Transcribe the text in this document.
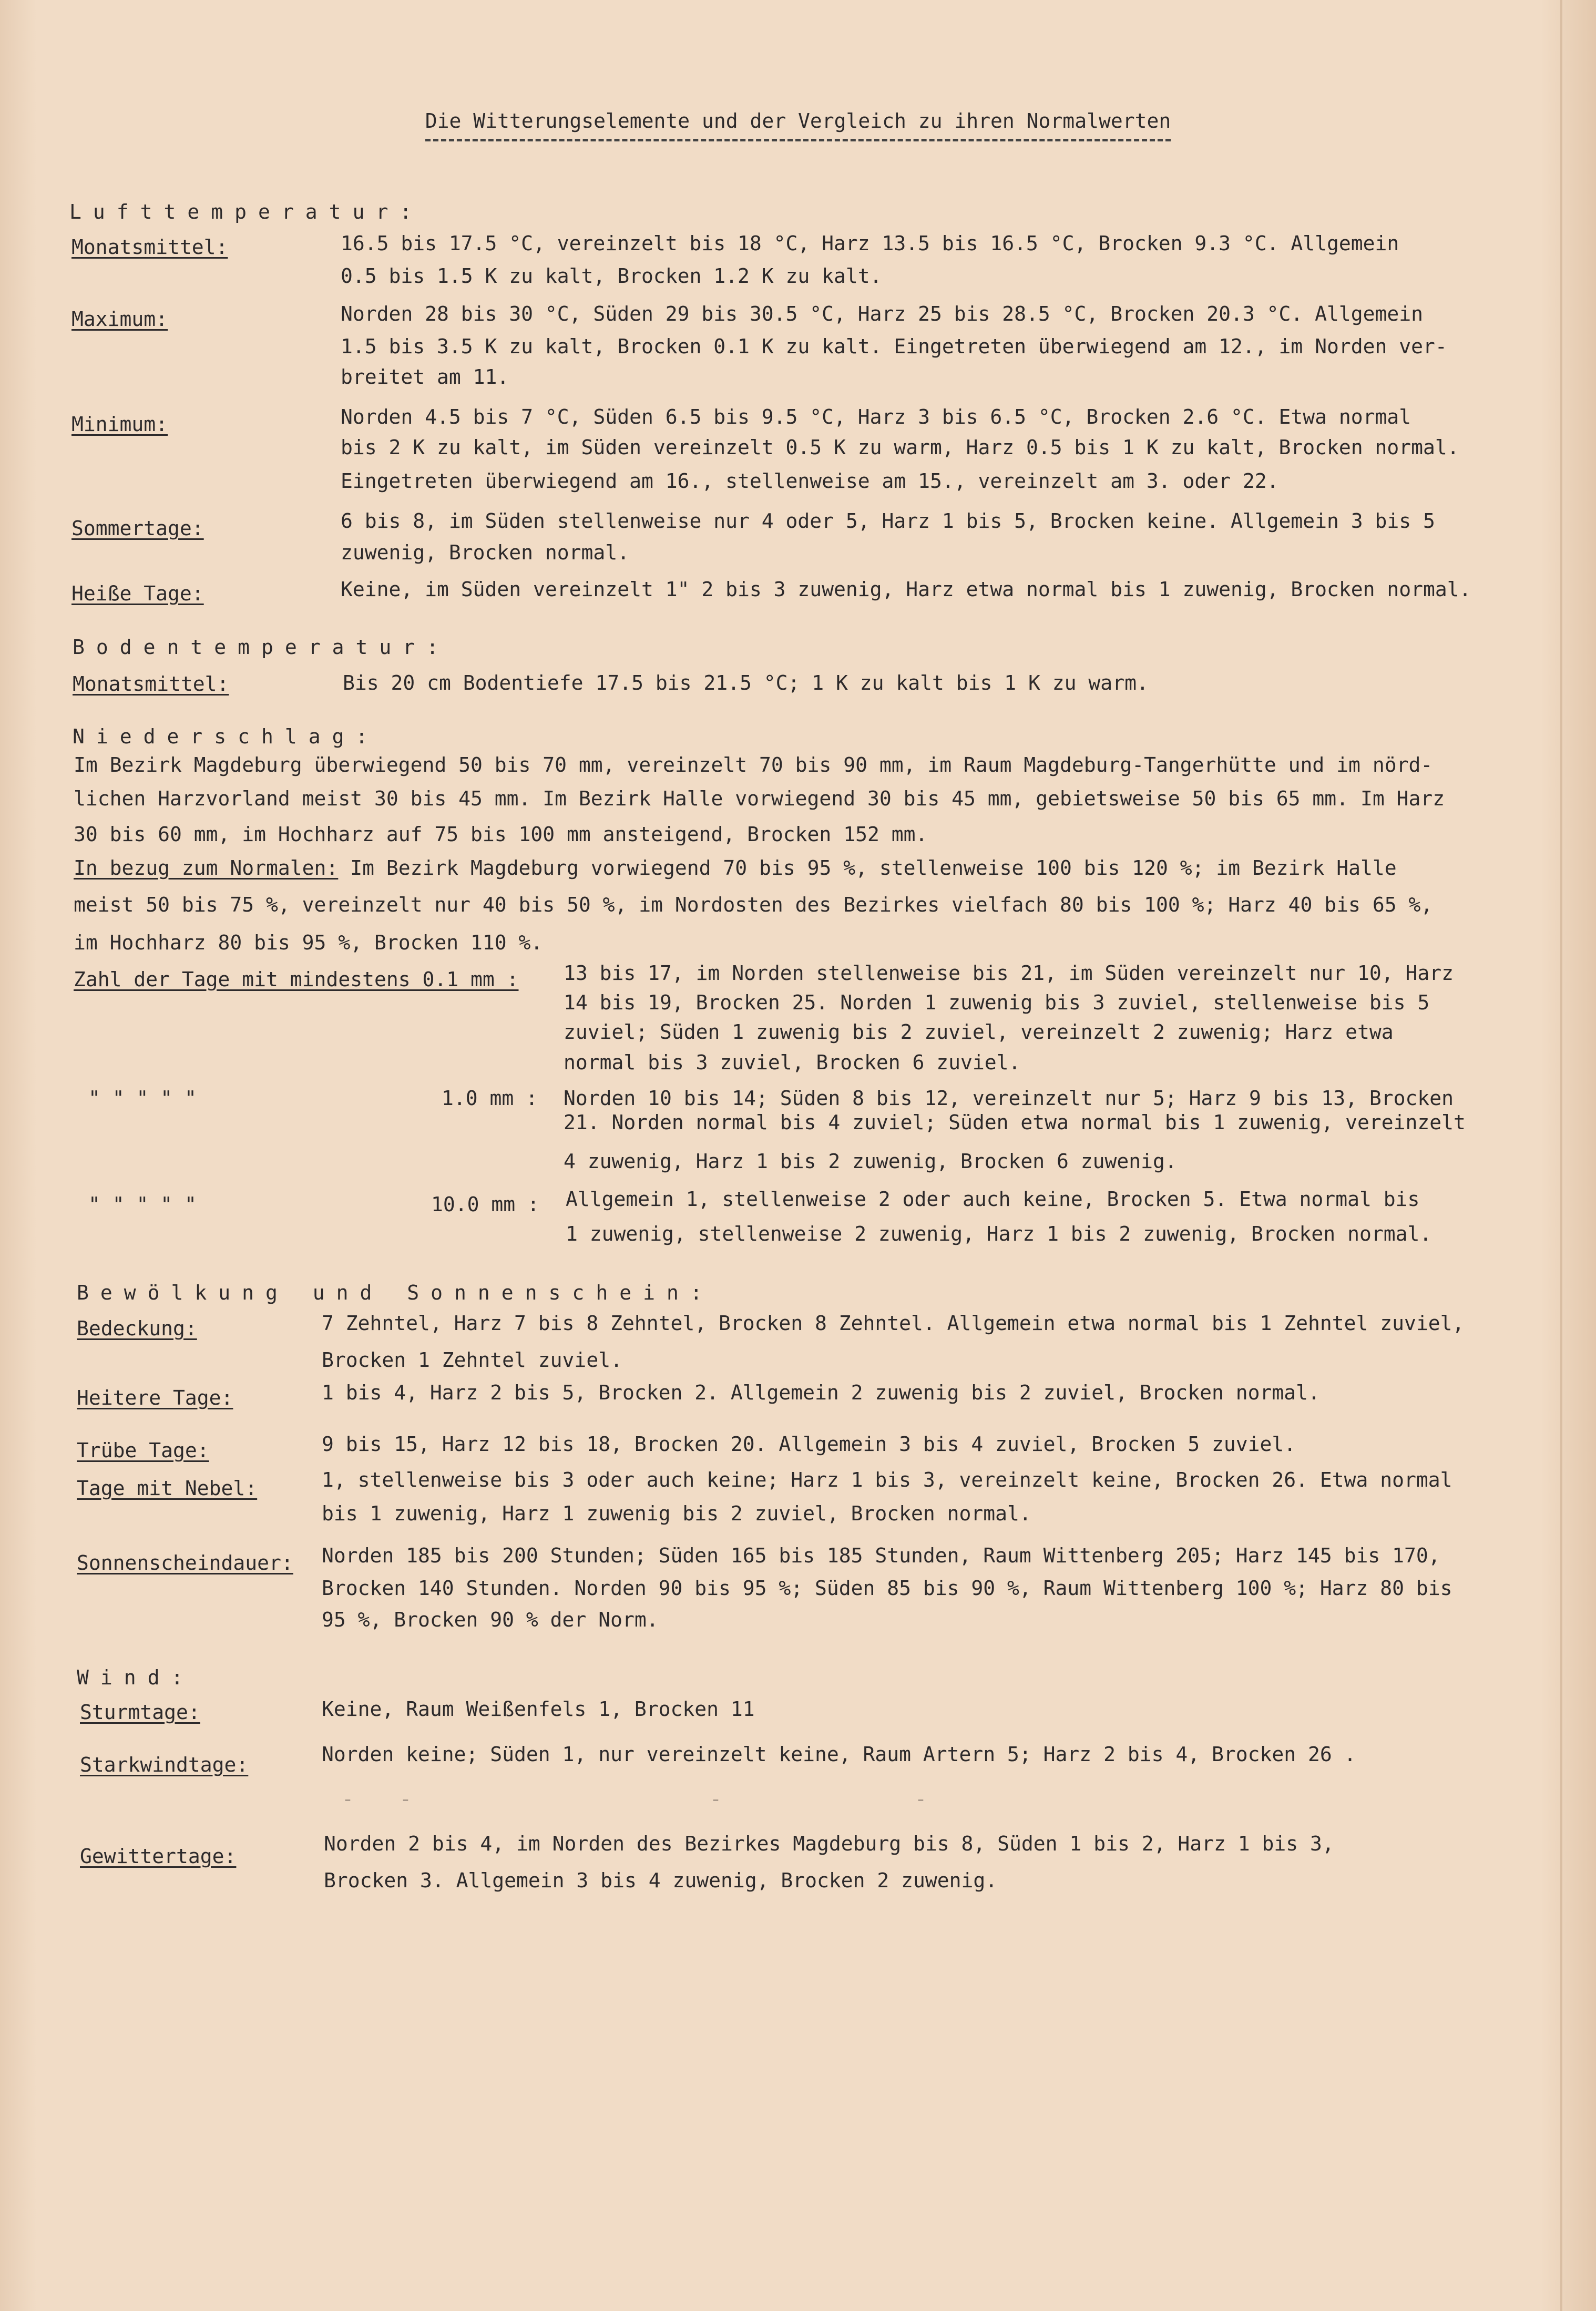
Die Witterungselemente und der Vergleich zu ihren Normalwerten
Lufttemperatur:
Monatsmittel:	16.5 bis 17.5 °C, vereinzelt bis 18 °C, Harz 13.5 bis 16.5 °C, Brocken 9.3 °C. Allgemein
0.5 bis 1.5 K zu kalt, Brocken 1.2 K zu kalt.
Maximum:	Norden 28 bis 30 °C, Süden 29 bis 30.5 °C, Harz 25 bis 28.5 °C, Brocken 20.3 °C. Allgemein
1.5 bis 3.5 K zu kalt, Brocken 0.1 K zu kalt. Eingetreten überwiegend am 12., im Norden ver-
breitet am 11.
Minimum:	Norden 4.5 bis 7 °C, Süden 6.5 bis 9.5 °C, Harz 3 bis 6.5 °C, Brocken 2.6 °C. Etwa normal
bis 2 K zu kalt, im Süden vereinzelt 0.5 K zu warm, Harz 0.5 bis 1 K zu kalt, Brocken normal.
Eingetreten überwiegend am 16., stellenweise am 15., vereinzelt am 3. oder 22.
Sommertage:	6 bis 8, im Süden stellenweise nur 4 oder 5, Harz 1 bis 5, Brocken keine. Allgemein 3 bis 5
zuwenig, Brocken normal.
Heiße Tage:	Keine, im Süden vereinzelt 1" 2 bis 3 zuwenig, Harz etwa normal bis 1 zuwenig, Brocken normal.
Bodentemperatur:
Monatsmittel:	Bis 20 cm Bodentiefe 17.5 bis 21.5 °C; 1 K zu kalt bis 1 K zu warm.
Niederschlag:
Im Bezirk Magdeburg überwiegend 50 bis 70 mm, vereinzelt 70 bis 90 mm, im Raum Magdeburg-Tangerhütte und im nörd-
lichen Harzvorland meist 30 bis 45 mm. Im Bezirk Halle vorwiegend 30 bis 45 mm, gebietsweise 50 bis 65 mm. Im Harz
30 bis 60 mm, im Hochharz auf 75 bis 100 mm ansteigend, Brocken 152 mm.
In bezug zum Normalen: Im Bezirk Magdeburg vorwiegend 70 bis 95 %, stellenweise 100 bis 120 %; im Bezirk Halle
meist 50 bis 75 %, vereinzelt nur 40 bis 50 %, im Nordosten des Bezirkes vielfach 80 bis 100 %; Harz 40 bis 65 %,
im Hochharz 80 bis 95 %, Brocken 110 %.
Zahl der Tage mit mindestens 0.1 mm : 13 bis 17, im Norden stellenweise bis 21, im Süden vereinzelt nur 10, Harz
14 bis 19, Brocken 25. Norden 1 zuwenig bis 3 zuviel, stellenweise bis 5
zuviel; Süden 1 zuwenig bis 2 zuviel, vereinzelt 2 zuwenig; Harz etwa
normal bis 3 zuviel, Brocken 6 zuviel.
" " " " "	1.0 mm : Norden 10 bis 14; Süden 8 bis 12, vereinzelt nur 5; Harz 9 bis 13, Brocken
21. Norden normal bis 4 zuviel; Süden etwa normal bis 1 zuwenig, vereinzelt
4 zuwenig, Harz 1 bis 2 zuwenig, Brocken 6 zuwenig.
" " " " "	10.0 mm : Allgemein 1, stellenweise 2 oder auch keine, Brocken 5. Etwa normal bis
1 zuwenig, stellenweise 2 zuwenig, Harz 1 bis 2 zuwenig, Brocken normal.
Bewölkung und Sonnenschein:
Bedeckung:	7 Zehntel, Harz 7 bis 8 Zehntel, Brocken 8 Zehntel. Allgemein etwa normal bis 1 Zehntel zuviel,
Brocken 1 Zehntel zuviel.
Heitere Tage:	1 bis 4, Harz 2 bis 5, Brocken 2. Allgemein 2 zuwenig bis 2 zuviel, Brocken normal.
Trübe Tage:	9 bis 15, Harz 12 bis 18, Brocken 20. Allgemein 3 bis 4 zuviel, Brocken 5 zuviel.
Tage mit Nebel:	1, stellenweise bis 3 oder auch keine; Harz 1 bis 3, vereinzelt keine, Brocken 26. Etwa normal
bis 1 zuwenig, Harz 1 zuwenig bis 2 zuviel, Brocken normal.
Sonnenscheindauer: Norden 185 bis 200 Stunden; Süden 165 bis 185 Stunden, Raum Wittenberg 205; Harz 145 bis 170,
Brocken 140 Stunden. Norden 90 bis 95 %; Süden 85 bis 90 %, Raum Wittenberg 100 %; Harz 80 bis
95 %, Brocken 90 % der Norm.
Wind:
Sturmtage:	Keine, Raum Weißenfels 1, Brocken 11
Starkwindtage:	Norden keine; Süden 1, nur vereinzelt keine, Raum Artern 5; Harz 2 bis 4, Brocken 26 .
- -	-	-
Gewittertage:
Norden 2 bis 4, im Norden des Bezirkes Magdeburg bis 8, Süden 1 bis 2, Harz 1 bis 3,
Brocken 3. Allgemein 3 bis 4 zuwenig, Brocken 2 zuwenig.
